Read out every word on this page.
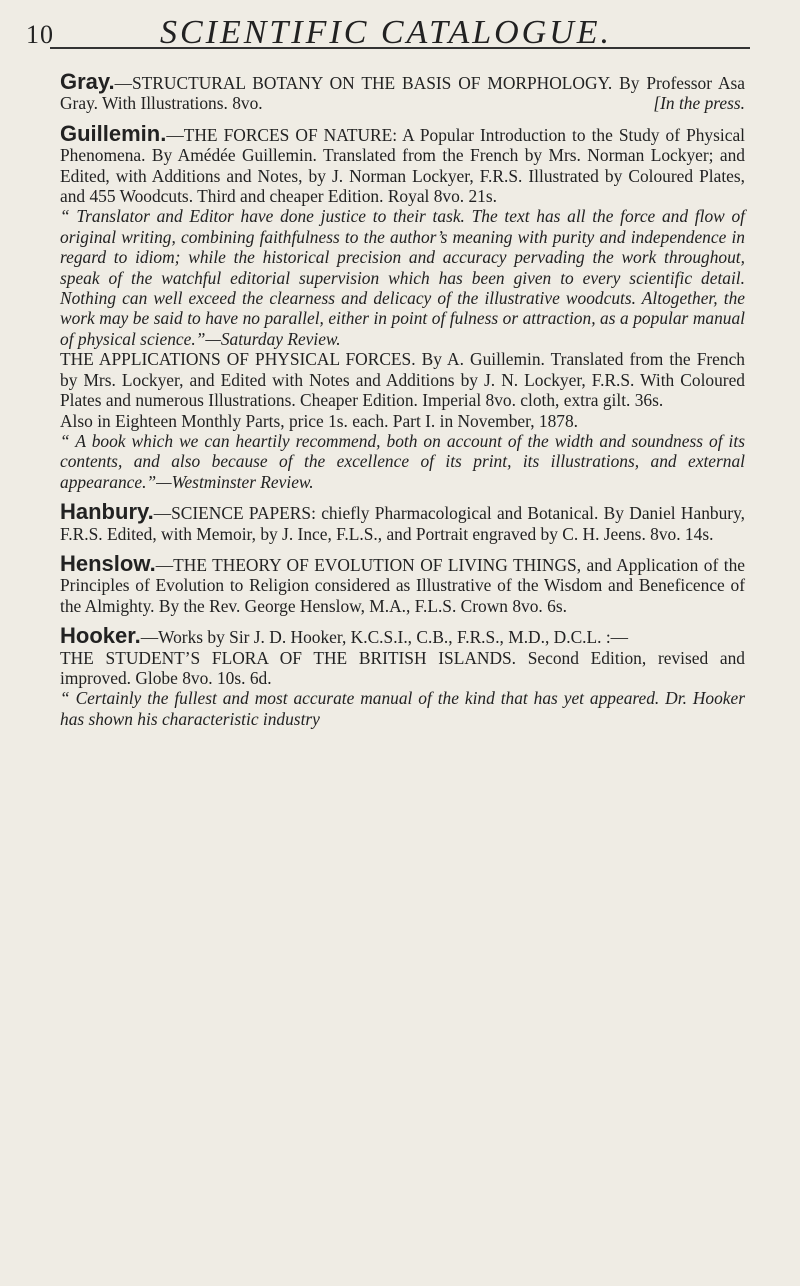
10	SCIENTIFIC CATALOGUE.

Gray.—STRUCTURAL BOTANY ON THE BASIS OF MORPHOLOGY. By Professor Asa Gray. With Illustrations. 8vo.	[In the press.

Guillemin.—THE FORCES OF NATURE: A Popular Introduction to the Study of Physical Phenomena. By Amédée Guillemin. Translated from the French by Mrs. Norman Lockyer; and Edited, with Additions and Notes, by J. Norman Lockyer, F.R.S. Illustrated by Coloured Plates, and 455 Woodcuts. Third and cheaper Edition. Royal 8vo. 21s.

“ Translator and Editor have done justice to their task. The text has all the force and flow of original writing, combining faithfulness to the author’s meaning with purity and independence in regard to idiom; while the historical precision and accuracy pervading the work throughout, speak of the watchful editorial supervision which has been given to every scientific detail. Nothing can well exceed the clearness and delicacy of the illustrative woodcuts. Altogether, the work may be said to have no parallel, either in point of fulness or attraction, as a popular manual of physical science.”—Saturday Review.

THE APPLICATIONS OF PHYSICAL FORCES. By A. Guillemin. Translated from the French by Mrs. Lockyer, and Edited with Notes and Additions by J. N. Lockyer, F.R.S. With Coloured Plates and numerous Illustrations. Cheaper Edition. Imperial 8vo. cloth, extra gilt. 36s.

Also in Eighteen Monthly Parts, price 1s. each. Part I. in November, 1878.

“ A book which we can heartily recommend, both on account of the width and soundness of its contents, and also because of the excellence of its print, its illustrations, and external appearance.”—Westminster Review.

Hanbury.—SCIENCE PAPERS: chiefly Pharmacological and Botanical. By Daniel Hanbury, F.R.S. Edited, with Memoir, by J. Ince, F.L.S., and Portrait engraved by C. H. Jeens. 8vo. 14s.

Henslow.—THE THEORY OF EVOLUTION OF LIVING THINGS, and Application of the Principles of Evolution to Religion considered as Illustrative of the Wisdom and Beneficence of the Almighty. By the Rev. George Henslow, M.A., F.L.S. Crown 8vo. 6s.

Hooker.—Works by Sir J. D. Hooker, K.C.S.I., C.B., F.R.S., M.D., D.C.L. :—

THE STUDENT’S FLORA OF THE BRITISH ISLANDS. Second Edition, revised and improved. Globe 8vo. 10s. 6d.

“ Certainly the fullest and most accurate manual of the kind that has yet appeared. Dr. Hooker has shown his characteristic industry
